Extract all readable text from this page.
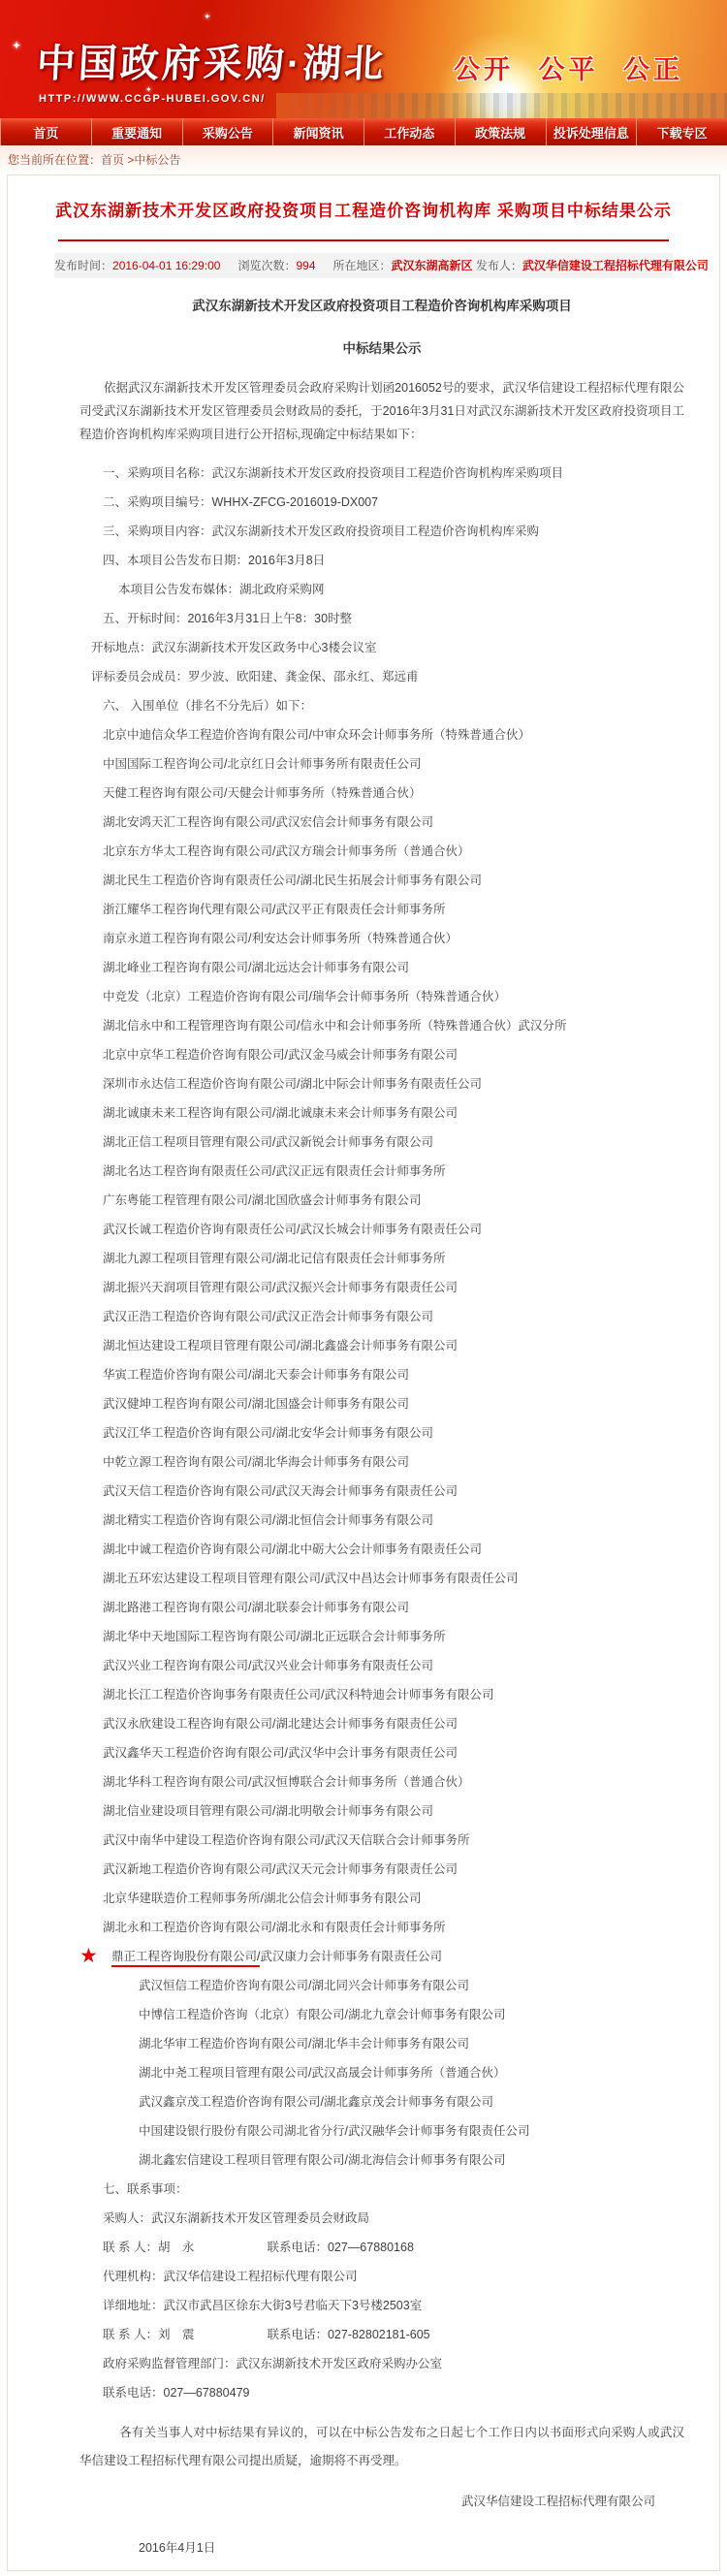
✦
✦
✦
中国政府采购·湖北
HTTP://WWW.CCGP-HUBEI.GOV.CN/
公开 公平 公正
首页	重要通知	采购公告	新闻资讯	工作动态	政策法规	投诉处理信息	下载专区
您当前所在位置：首页 >中标公告
武汉东湖新技术开发区政府投资项目工程造价咨询机构库 采购项目中标结果公示
发布时间：2016-04-01 16:29:00 浏览次数：994 所在地区：武汉东湖高新区 发布人：武汉华信建设工程招标代理有限公司

武汉东湖新技术开发区政府投资项目工程造价咨询机构库采购项目

中标结果公示

依据武汉东湖新技术开发区管理委员会政府采购计划函2016052号的要求，武汉华信建设工程招标代理有限公司受武汉东湖新技术开发区管理委员会财政局的委托，于2016年3月31日对武汉东湖新技术开发区政府投资项目工程造价咨询机构库采购项目进行公开招标,现确定中标结果如下：

一、采购项目名称：武汉东湖新技术开发区政府投资项目工程造价咨询机构库采购项目

二、采购项目编号：WHHX-ZFCG-2016019-DX007

三、采购项目内容：武汉东湖新技术开发区政府投资项目工程造价咨询机构库采购

四、本项目公告发布日期：2016年3月8日

本项目公告发布媒体：湖北政府采购网

五、开标时间：2016年3月31日上午8：30时整

开标地点：武汉东湖新技术开发区政务中心3楼会议室

评标委员会成员：罗少波、欧阳建、龚金保、邵永红、郑远甫

六、 入围单位（排名不分先后）如下：

北京中迪信众华工程造价咨询有限公司/中审众环会计师事务所（特殊普通合伙）

中国国际工程咨询公司/北京红日会计师事务所有限责任公司

天健工程咨询有限公司/天健会计师事务所（特殊普通合伙）

湖北安鸿天汇工程咨询有限公司/武汉宏信会计师事务有限公司

北京东方华太工程咨询有限公司/武汉方瑞会计师事务所（普通合伙）

湖北民生工程造价咨询有限责任公司/湖北民生拓展会计师事务有限公司

浙江耀华工程咨询代理有限公司/武汉平正有限责任会计师事务所

南京永道工程咨询有限公司/利安达会计师事务所（特殊普通合伙）

湖北峰业工程咨询有限公司/湖北远达会计师事务有限公司

中竞发（北京）工程造价咨询有限公司/瑞华会计师事务所（特殊普通合伙）

湖北信永中和工程管理咨询有限公司/信永中和会计师事务所（特殊普通合伙）武汉分所

北京中京华工程造价咨询有限公司/武汉金马威会计师事务有限公司

深圳市永达信工程造价咨询有限公司/湖北中际会计师事务有限责任公司

湖北诚康未来工程咨询有限公司/湖北诚康未来会计师事务有限公司

湖北正信工程项目管理有限公司/武汉新锐会计师事务有限公司

湖北名达工程咨询有限责任公司/武汉正远有限责任会计师事务所

广东粤能工程管理有限公司/湖北国欣盛会计师事务有限公司

武汉长诚工程造价咨询有限责任公司/武汉长城会计师事务有限责任公司

湖北九源工程项目管理有限公司/湖北记信有限责任会计师事务所

湖北振兴天润项目管理有限公司/武汉振兴会计师事务有限责任公司

武汉正浩工程造价咨询有限公司/武汉正浩会计师事务有限公司

湖北恒达建设工程项目管理有限公司/湖北鑫盛会计师事务有限公司

华寅工程造价咨询有限公司/湖北天泰会计师事务有限公司

武汉健坤工程咨询有限公司/湖北国盛会计师事务有限公司

武汉江华工程造价咨询有限公司/湖北安华会计师事务有限公司

中乾立源工程咨询有限公司/湖北华海会计师事务有限公司

武汉天信工程造价咨询有限公司/武汉天海会计师事务有限责任公司

湖北精实工程造价咨询有限公司/湖北恒信会计师事务有限公司

湖北中诚工程造价咨询有限公司/湖北中砺大公会计师事务有限责任公司

湖北五环宏达建设工程项目管理有限公司/武汉中昌达会计师事务有限责任公司

湖北路港工程咨询有限公司/湖北联泰会计师事务有限公司

湖北华中天地国际工程咨询有限公司/湖北正远联合会计师事务所

武汉兴业工程咨询有限公司/武汉兴业会计师事务有限责任公司

湖北长江工程造价咨询事务有限责任公司/武汉科特迪会计师事务有限公司

武汉永欣建设工程咨询有限公司/湖北建达会计师事务有限责任公司

武汉鑫华天工程造价咨询有限公司/武汉华中会计事务有限责任公司

湖北华科工程咨询有限公司/武汉恒博联合会计师事务所（普通合伙）

湖北信业建设项目管理有限公司/湖北明敬会计师事务有限公司

武汉中南华中建设工程造价咨询有限公司/武汉天信联合会计师事务所

武汉新地工程造价咨询有限公司/武汉天元会计师事务有限责任公司

北京华建联造价工程师事务所/湖北公信会计师事务有限公司

湖北永和工程造价咨询有限公司/湖北永和有限责任会计师事务所

★ 鼎正工程咨询股份有限公司/武汉康力会计师事务有限责任公司

武汉恒信工程造价咨询有限公司/湖北同兴会计师事务有限公司

中博信工程造价咨询（北京）有限公司/湖北九章会计师事务有限公司

湖北华审工程造价咨询有限公司/湖北华丰会计师事务有限公司

湖北中尧工程项目管理有限公司/武汉高晟会计师事务所（普通合伙）

武汉鑫京茂工程造价咨询有限公司/湖北鑫京茂会计师事务有限公司

中国建设银行股份有限公司湖北省分行/武汉融华会计师事务有限责任公司

湖北鑫宏信建设工程项目管理有限公司/湖北海信会计师事务有限公司

七、联系事项：

采购人：武汉东湖新技术开发区管理委员会财政局

联 系 人：胡　永　　　　　　联系电话：027—67880168

代理机构：武汉华信建设工程招标代理有限公司

详细地址：武汉市武昌区徐东大街3号君临天下3号楼2503室

联 系 人：刘　震　　　　　　联系电话：027-82802181-605

政府采购监督管理部门：武汉东湖新技术开发区政府采购办公室

联系电话：027—67880479

各有关当事人对中标结果有异议的，可以在中标公告发布之日起七个工作日内以书面形式向采购人或武汉华信建设工程招标代理有限公司提出质疑，逾期将不再受理。

武汉华信建设工程招标代理有限公司

2016年4月1日
